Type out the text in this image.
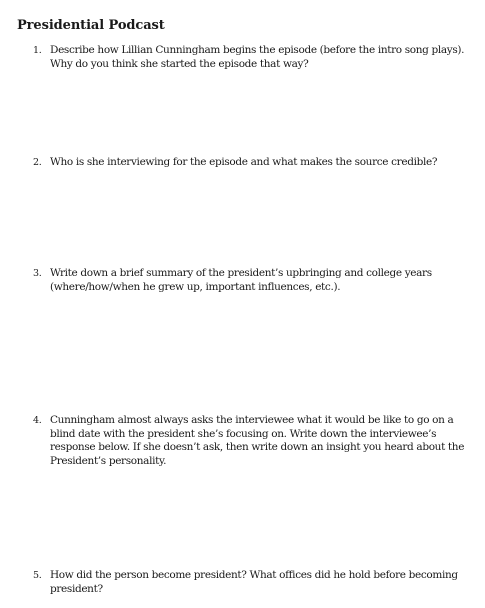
Presidential Podcast
1. Describe how Lillian Cunningham begins the episode (before the intro song plays). Why do you think she started the episode that way?
2. Who is she interviewing for the episode and what makes the source credible?
3. Write down a brief summary of the president’s upbringing and college years (where/how/when he grew up, important influences, etc.).
4. Cunningham almost always asks the interviewee what it would be like to go on a blind date with the president she’s focusing on. Write down the interviewee’s response below. If she doesn’t ask, then write down an insight you heard about the President’s personality.
5. How did the person become president? What offices did he hold before becoming president?
